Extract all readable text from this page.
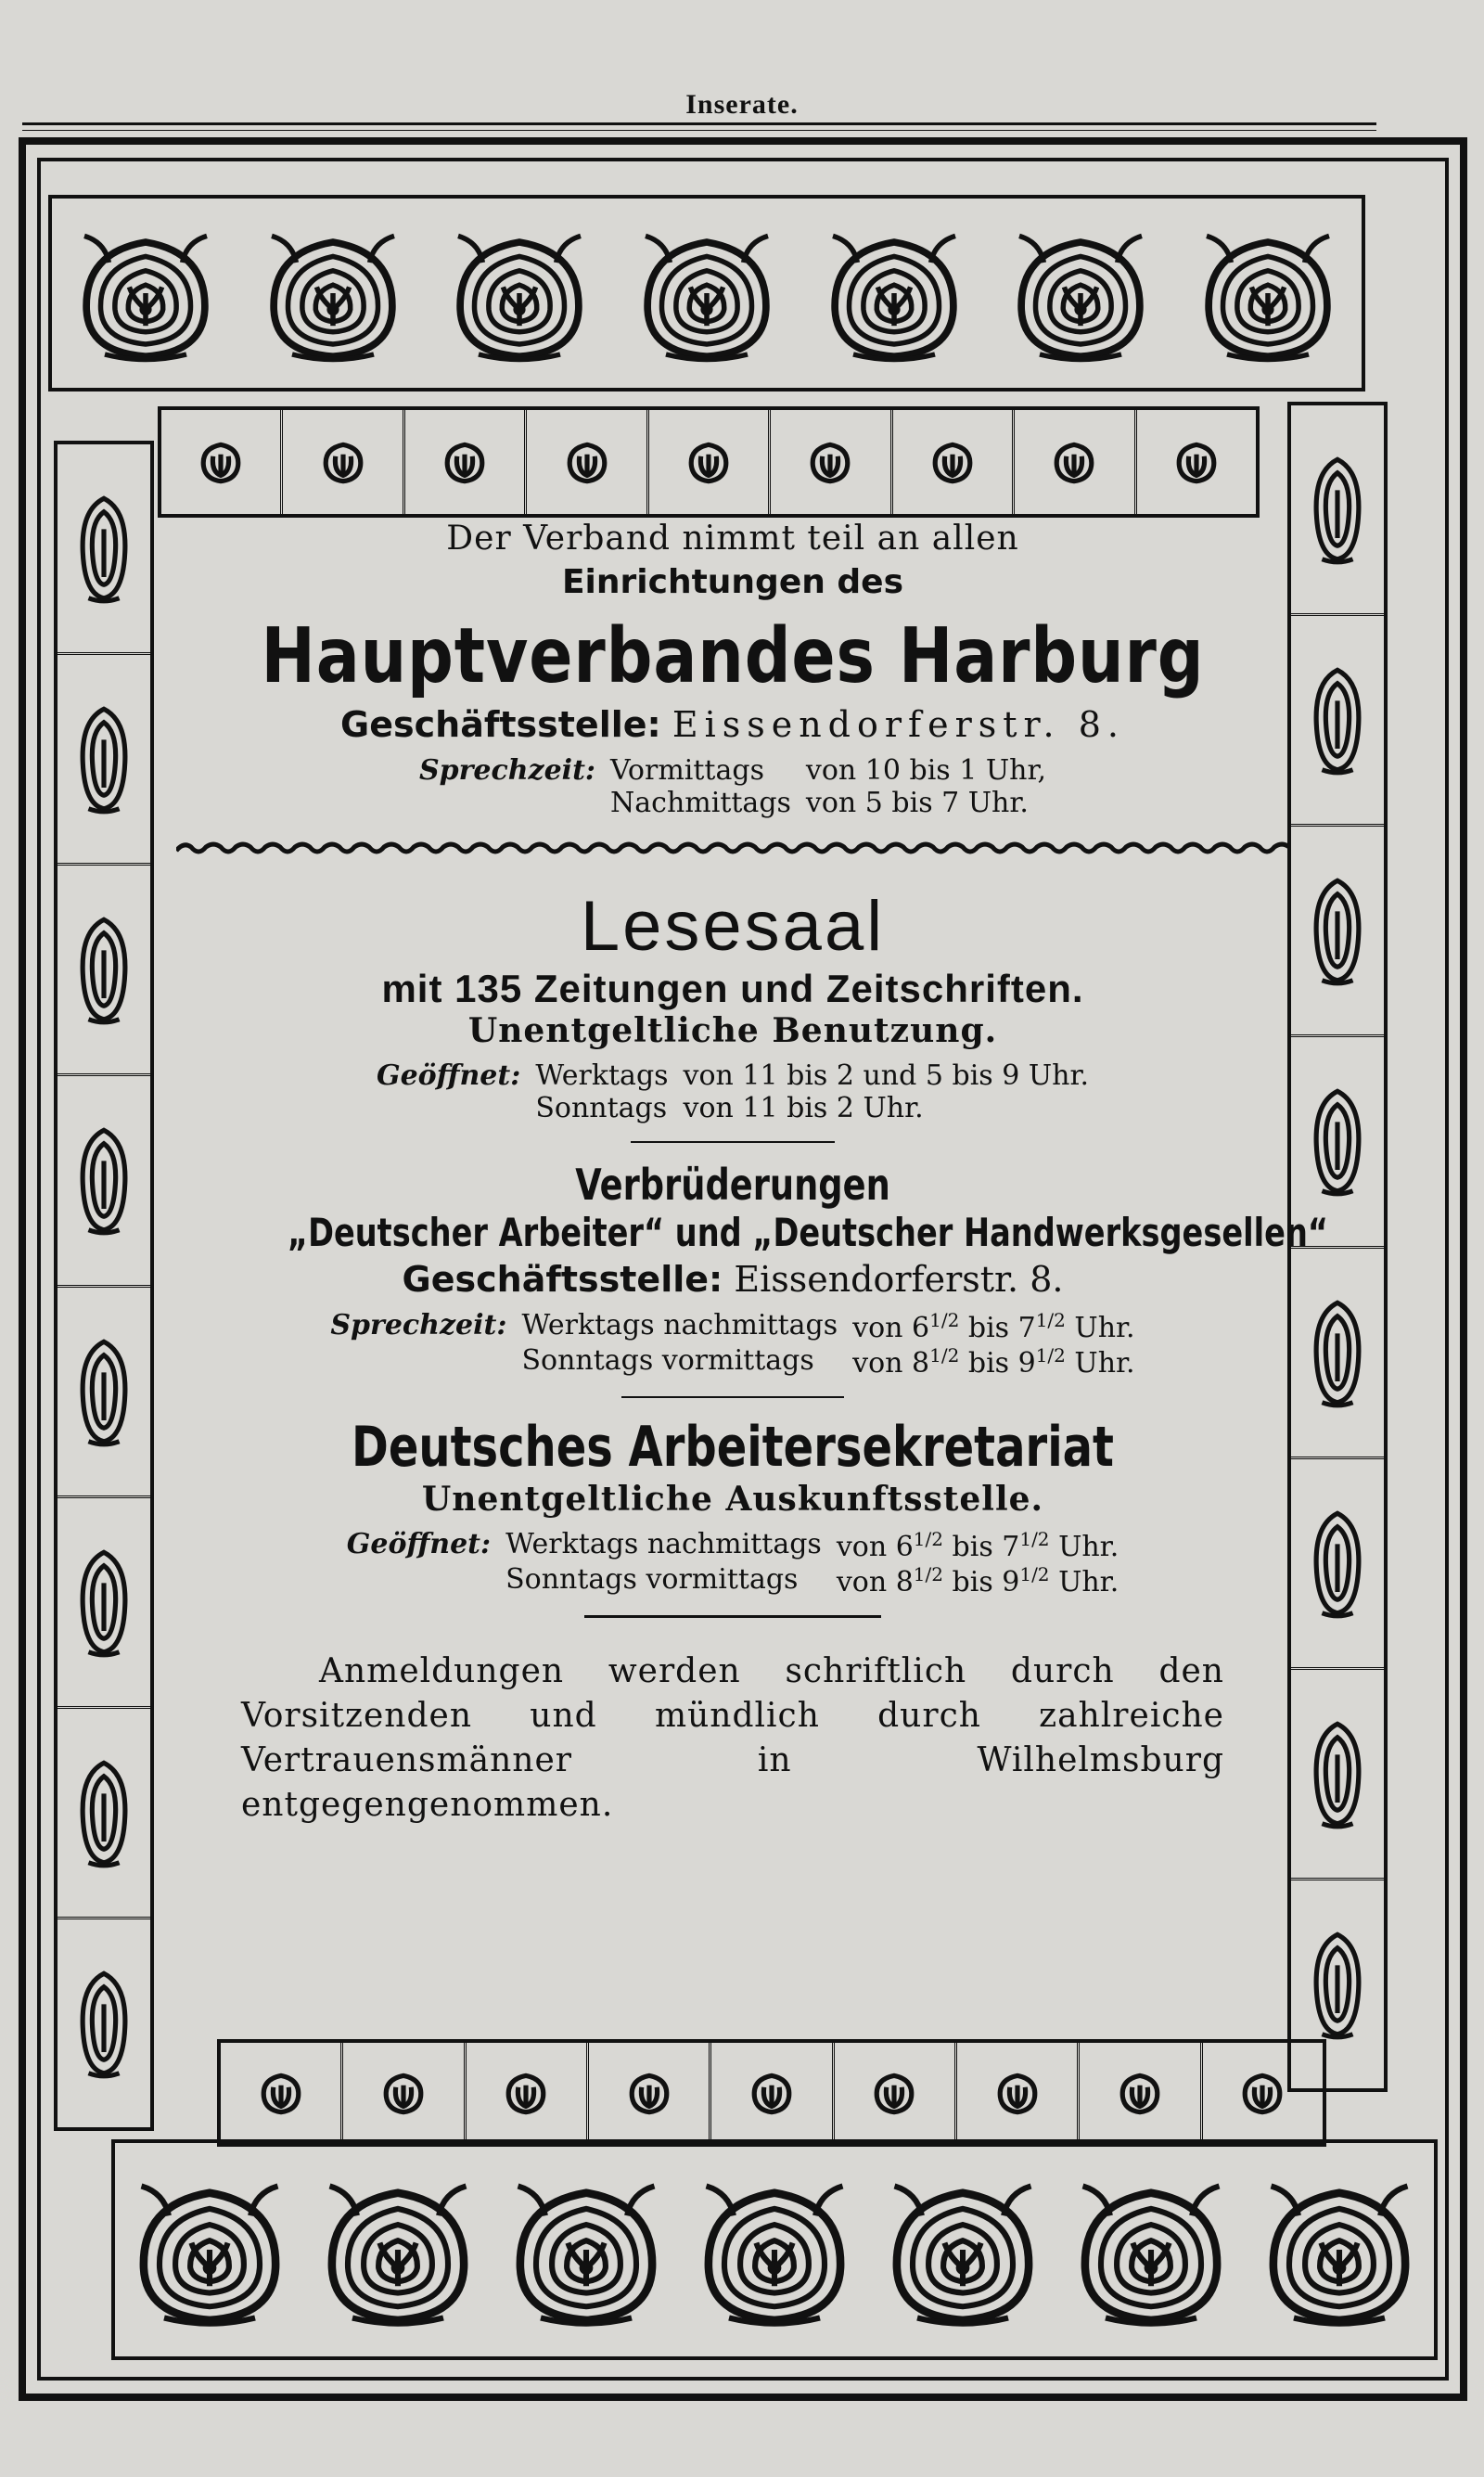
Inserate.
Der Verband nimmt teil an allen
Einrichtungen des
Hauptverbandes Harburg
Geschäftsstelle: Eissendorferstr. 8.
Sprechzeit: Vormittags	von 10 bis 1 Uhr,
Nachmittags von 5 bis 7 Uhr.
Lesesaal
mit 135 Zeitungen und Zeitschriften.
Unentgeltliche Benutzung.
Geöffnet: Werktags von 11 bis 2 und 5 bis 9 Uhr.
Sonntags von 11 bis 2 Uhr.
Verbrüderungen
„Deutscher Arbeiter“ und „Deutscher Handwerksgesellen“
Geschäftsstelle: Eissendorferstr. 8.
Sprechzeit: Werktags nachmittags von $6^{1/2}$ bis $7^{1/2}$ Uhr.
Sonntags vormittags	von $8^{1/2}$ bis $9^{1/2}$ Uhr.
Deutsches Arbeitersekretariat
Unentgeltliche Auskunftsstelle.
Geöffnet: Werktags nachmittags von $6^{1/2}$ bis $7^{1/2}$ Uhr.
Sonntags vormittags	von $8^{1/2}$ bis $9^{1/2}$ Uhr.
Anmeldungen werden schriftlich durch den Vorsitzenden und mündlich durch zahlreiche Vertrauensmänner in Wilhelmsburg entgegengenommen.
